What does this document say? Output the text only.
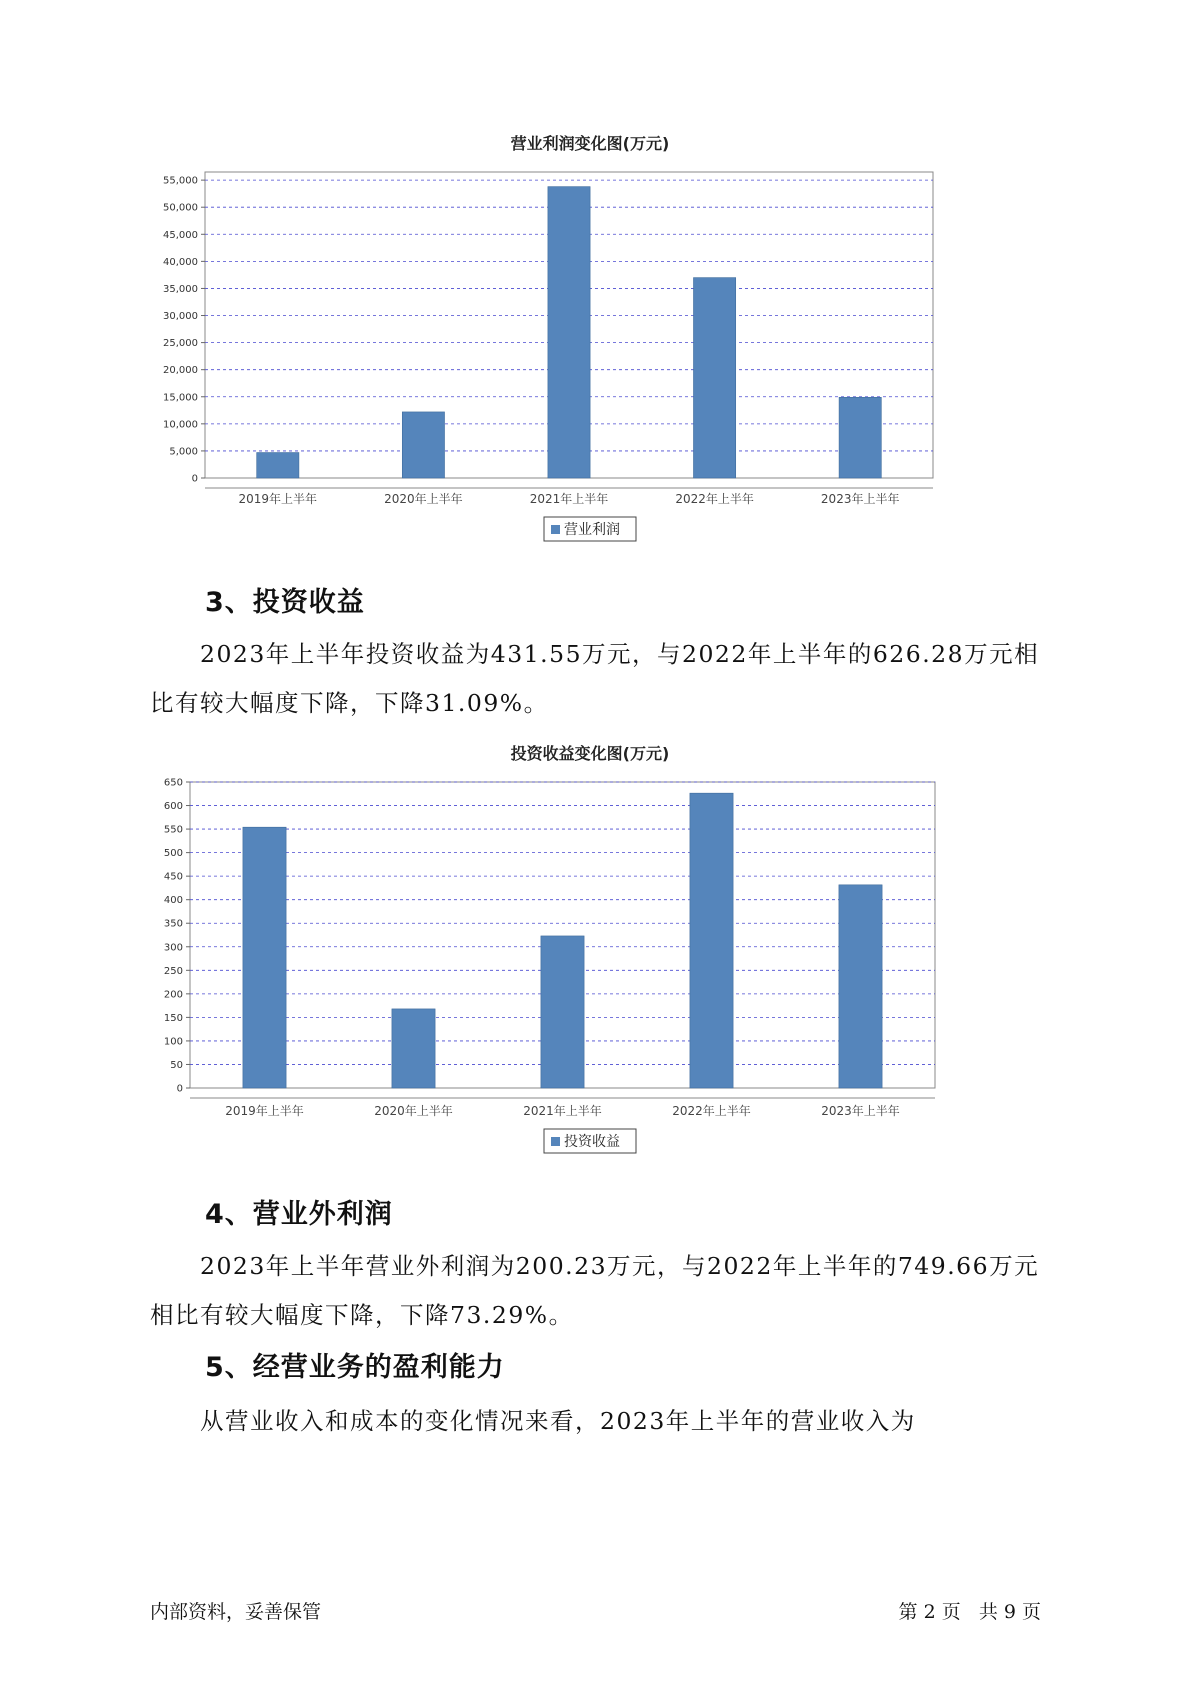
营业利润变化图(万元)
0
5,000
10,000
15,000
20,000
25,000
30,000
35,000
40,000
45,000
50,000
55,000
2019年上半年	2020年上半年	2021年上半年	2022年上半年	2023年上半年
营业利润
3、投资收益

2023年上半年投资收益为431.55万元，与2022年上半年的626.28万元相比有较大幅度下降，下降31.09%。

投资收益变化图(万元)
0
50
100
150
200
250
300
350
400
450
500
550
600
650
2019年上半年	2020年上半年	2021年上半年	2022年上半年	2023年上半年
投资收益
4、营业外利润

2023年上半年营业外利润为200.23万元，与2022年上半年的749.66万元相比有较大幅度下降，下降73.29%。

5、经营业务的盈利能力

从营业收入和成本的变化情况来看，2023年上半年的营业收入为

内部资料，妥善保管	第 2 页   共 9 页
